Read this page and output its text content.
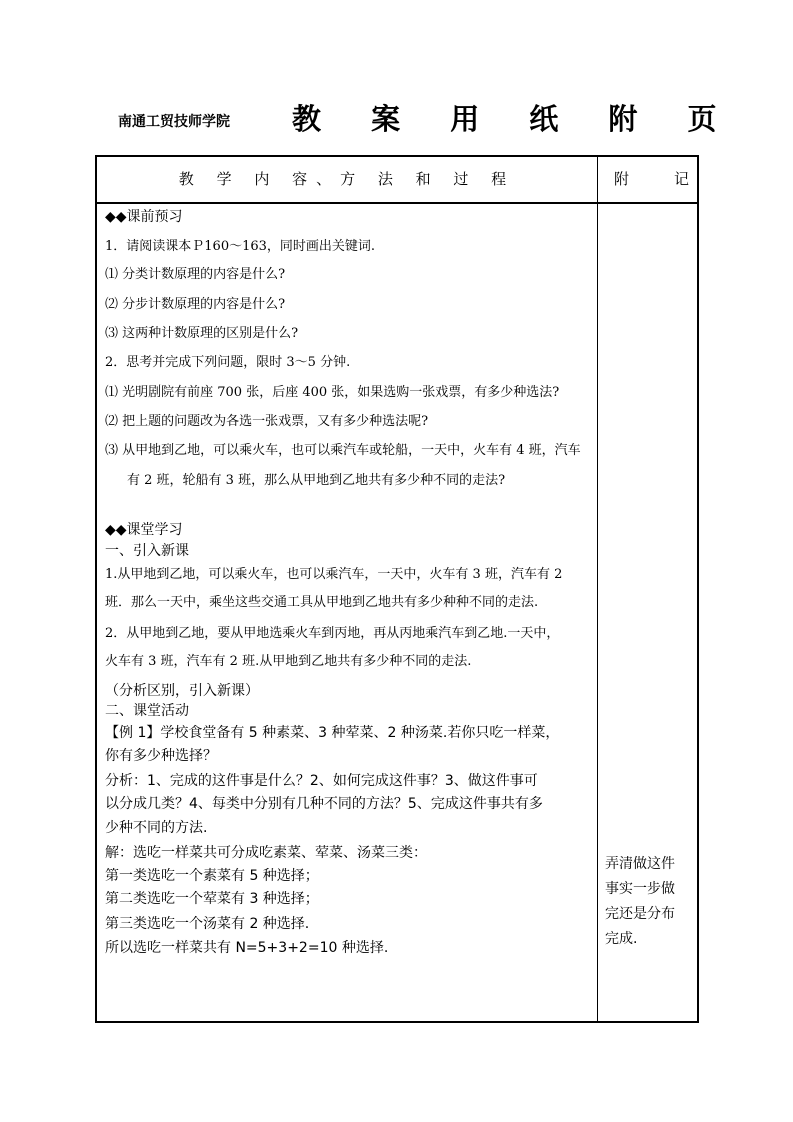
南通工贸技师学院 教 案 用 纸 附 页
教 学 内 容、方 法 和 过 程	附	记
◆◆课前预习
1．请阅读课本Ｐ160～163，同时画出关键词.
⑴ 分类计数原理的内容是什么?
⑵ 分步计数原理的内容是什么?
⑶ 这两种计数原理的区别是什么?
2．思考并完成下列问题，限时 3～5 分钟.
⑴ 光明剧院有前座 700 张，后座 400 张，如果选购一张戏票，有多少种选法?
⑵ 把上题的问题改为各选一张戏票，又有多少种选法呢?
⑶ 从甲地到乙地，可以乘火车，也可以乘汽车或轮船，一天中，火车有 4 班，汽车
有 2 班，轮船有 3 班，那么从甲地到乙地共有多少种不同的走法?
◆◆课堂学习
一、引入新课
1.从甲地到乙地，可以乘火车，也可以乘汽车，一天中，火车有 3 班，汽车有 2
班．那么一天中，乘坐这些交通工具从甲地到乙地共有多少种种不同的走法.
2．从甲地到乙地，要从甲地选乘火车到丙地，再从丙地乘汽车到乙地.一天中，
火车有 3 班，汽车有 2 班.从甲地到乙地共有多少种不同的走法.
（分析区别，引入新课）
二、课堂活动
【例 1】学校食堂备有 5 种素菜、3 种荤菜、2 种汤菜.若你只吃一样菜，
你有多少种选择？
分析：1、完成的这件事是什么？2、如何完成这件事？3、做这件事可
以分成几类？4、每类中分别有几种不同的方法？5、完成这件事共有多
少种不同的方法.
解：选吃一样菜共可分成吃素菜、荤菜、汤菜三类：
第一类选吃一个素菜有 5 种选择；
第二类选吃一个荤菜有 3 种选择；
第三类选吃一个汤菜有 2 种选择.
所以选吃一样菜共有 N=5+3+2=10 种选择.
弄清做这件
事实一步做
完还是分布
完成.
